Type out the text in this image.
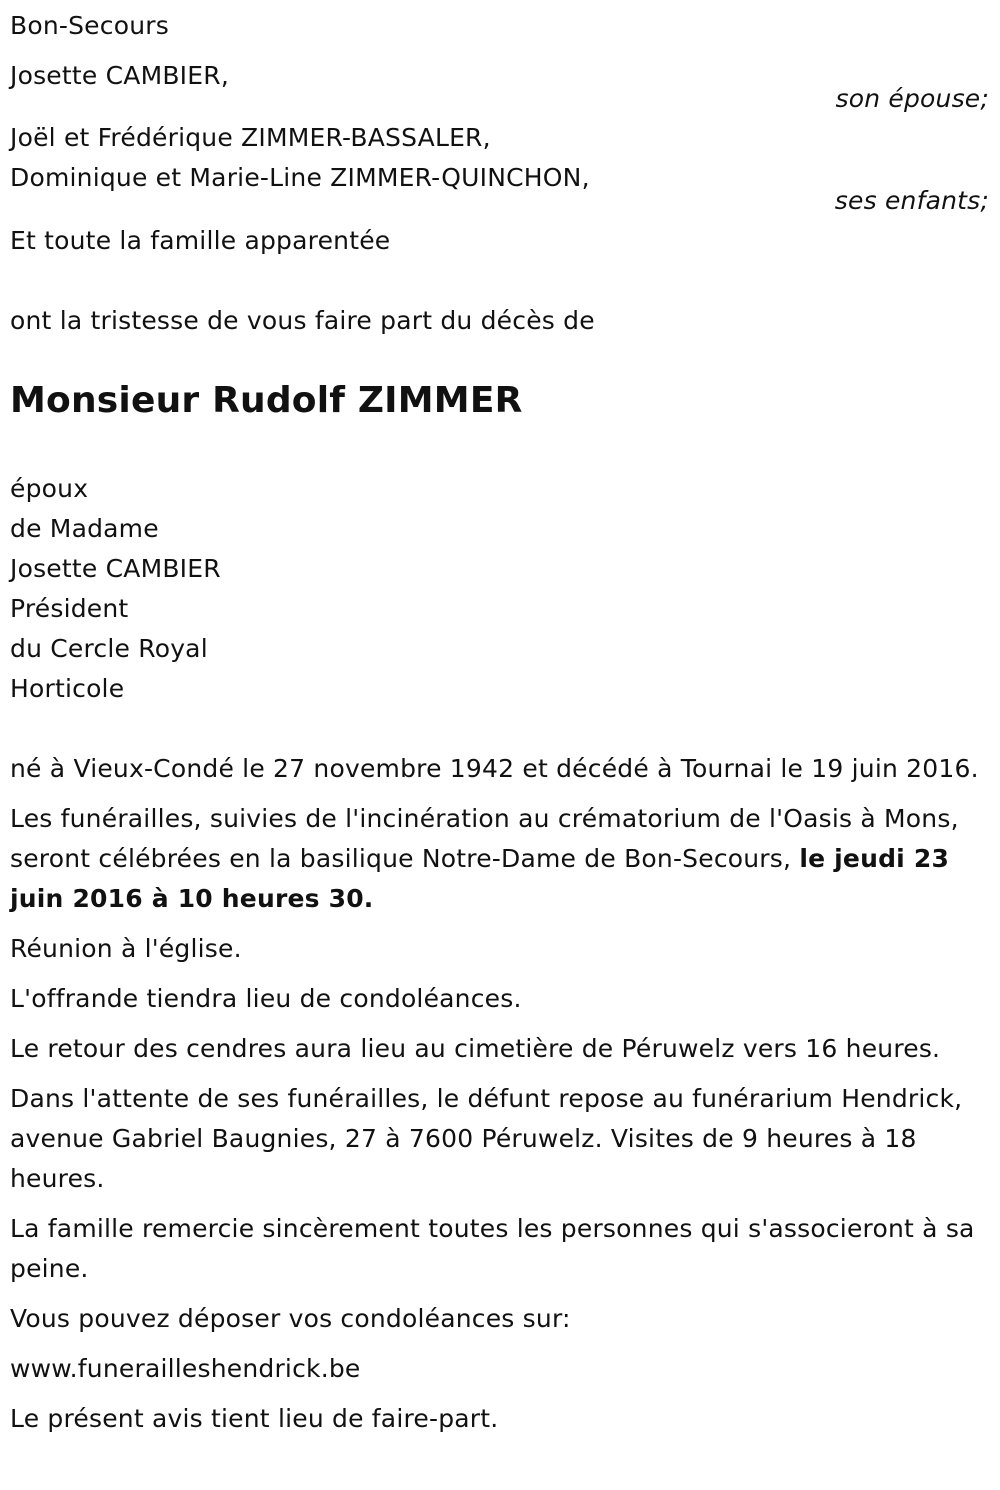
Bon-Secours

Josette CAMBIER,

son épouse;

Joël et Frédérique ZIMMER-BASSALER,

Dominique et Marie-Line ZIMMER-QUINCHON,

ses enfants;

Et toute la famille apparentée

ont la tristesse de vous faire part du décès de

Monsieur Rudolf ZIMMER

époux

de Madame

Josette CAMBIER

Président

du Cercle Royal

Horticole

né à Vieux-Condé le 27 novembre 1942 et décédé à Tournai le 19 juin 2016.

Les funérailles, suivies de l'incinération au crématorium de l'Oasis à Mons, seront célébrées en la basilique Notre-Dame de Bon-Secours, le jeudi 23 juin 2016 à 10 heures 30.

Réunion à l'église.

L'offrande tiendra lieu de condoléances.

Le retour des cendres aura lieu au cimetière de Péruwelz vers 16 heures.

Dans l'attente de ses funérailles, le défunt repose au funérarium Hendrick, avenue Gabriel Baugnies, 27 à 7600 Péruwelz. Visites de 9 heures à 18 heures.

La famille remercie sincèrement toutes les personnes qui s'associeront à sa peine.

Vous pouvez déposer vos condoléances sur:

www.funerailleshendrick.be

Le présent avis tient lieu de faire-part.
